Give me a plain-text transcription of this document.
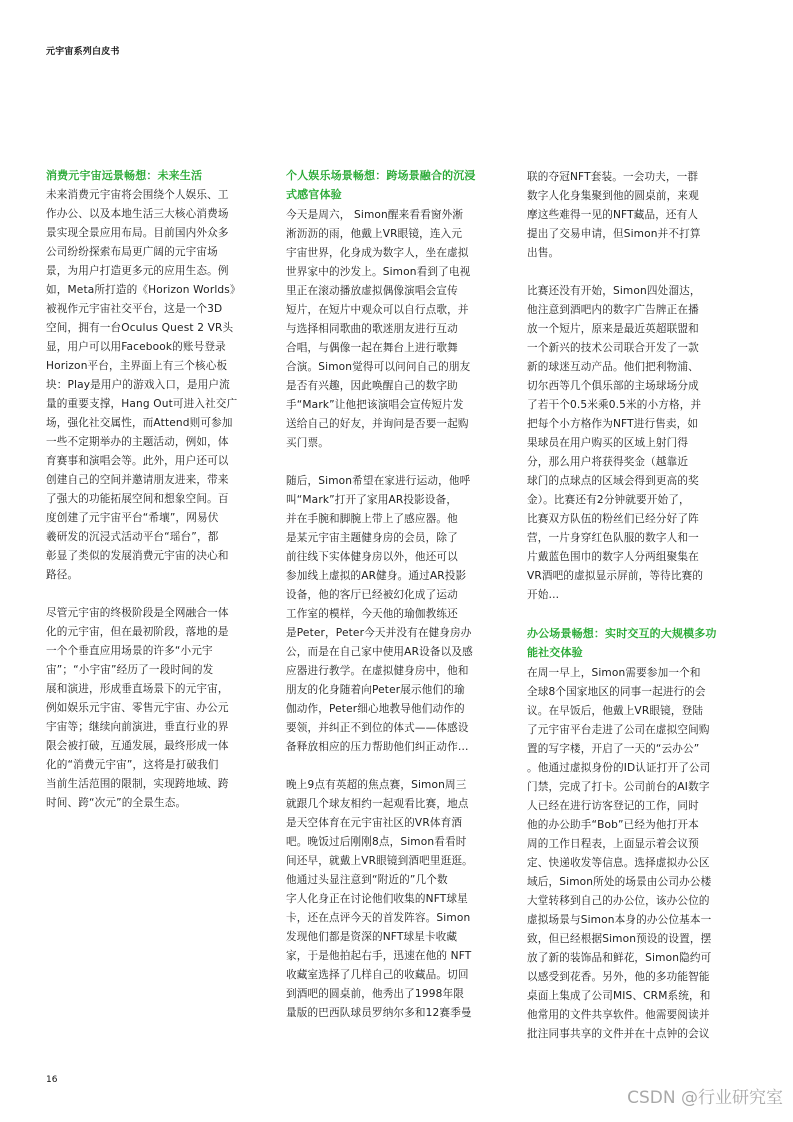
元宇宙系列白皮书
消费元宇宙远景畅想：未来生活
未来消费元宇宙将会围绕个人娱乐、工
作办公、以及本地生活三大核心消费场
景实现全景应用布局。目前国内外众多
公司纷纷探索布局更广阔的元宇宙场
景，为用户打造更多元的应用生态。例
如，Meta所打造的《Horizon Worlds》
被视作元宇宙社交平台，这是一个3D
空间，拥有一台Oculus Quest 2 VR头
显，用户可以用Facebook的账号登录
Horizon平台，主界面上有三个核心板
块：Play是用户的游戏入口，是用户流
量的重要支撑，Hang Out可进入社交广
场，强化社交属性，而Attend则可参加
一些不定期举办的主题活动，例如，体
育赛事和演唱会等。此外，用户还可以
创建自己的空间并邀请朋友进来，带来
了强大的功能拓展空间和想象空间。百
度创建了元宇宙平台“希壤”，网易伏
羲研发的沉浸式活动平台“瑶台”，都
彰显了类似的发展消费元宇宙的决心和
路径。
尽管元宇宙的终极阶段是全网融合一体
化的元宇宙，但在最初阶段，落地的是
一个个垂直应用场景的许多“小元宇
宙”；“小宇宙”经历了一段时间的发
展和演进，形成垂直场景下的元宇宙，
例如娱乐元宇宙、零售元宇宙、办公元
宇宙等；继续向前演进，垂直行业的界
限会被打破，互通发展，最终形成一体
化的“消费元宇宙”，这将是打破我们
当前生活范围的限制，实现跨地域、跨
时间、跨“次元”的全景生态。
个人娱乐场景畅想：跨场景融合的沉浸
式感官体验
今天是周六， Simon醒来看看窗外淅
淅沥沥的雨，他戴上VR眼镜，连入元
宇宙世界，化身成为数字人，坐在虚拟
世界家中的沙发上。Simon看到了电视
里正在滚动播放虚拟偶像演唱会宣传
短片，在短片中观众可以自行点歌，并
与选择相同歌曲的歌迷朋友进行互动
合唱，与偶像一起在舞台上进行歌舞
合演。Simon觉得可以问问自己的朋友
是否有兴趣，因此唤醒自己的数字助
手“Mark”让他把该演唱会宣传短片发
送给自己的好友，并询问是否要一起购
买门票。
随后，Simon希望在家进行运动，他呼
叫“Mark”打开了家用AR投影设备，
并在手腕和脚腕上带上了感应器。他
是某元宇宙主题健身房的会员，除了
前往线下实体健身房以外，他还可以
参加线上虚拟的AR健身。通过AR投影
设备，他的客厅已经被幻化成了运动
工作室的模样，今天他的瑜伽教练还
是Peter，Peter今天并没有在健身房办
公，而是在自己家中使用AR设备以及感
应器进行教学。在虚拟健身房中，他和
朋友的化身随着向Peter展示他们的瑜
伽动作，Peter细心地教导他们动作的
要领，并纠正不到位的体式——体感设
备释放相应的压力帮助他们纠正动作…
晚上9点有英超的焦点赛，Simon周三
就跟几个球友相约一起观看比赛，地点
是天空体育在元宇宙社区的VR体育酒
吧。晚饭过后刚刚8点，Simon看看时
间还早，就戴上VR眼镜到酒吧里逛逛。
他通过头显注意到“附近的”几个数
字人化身正在讨论他们收集的NFT球星
卡，还在点评今天的首发阵容。Simon
发现他们都是资深的NFT球星卡收藏
家，于是他拍起右手，迅速在他的 NFT
收藏室选择了几样自己的收藏品。切回
到酒吧的圆桌前，他秀出了1998年限
量版的巴西队球员罗纳尔多和12赛季曼
联的夺冠NFT套装。一会功夫，一群
数字人化身集聚到他的圆桌前，来观
摩这些难得一见的NFT藏品，还有人
提出了交易申请，但Simon并不打算
出售。
比赛还没有开始，Simon四处溜达，
他注意到酒吧内的数字广告牌正在播
放一个短片，原来是最近英超联盟和
一个新兴的技术公司联合开发了一款
新的球迷互动产品。他们把利物浦、
切尔西等几个俱乐部的主场球场分成
了若干个0.5米乘0.5米的小方格，并
把每个小方格作为NFT进行售卖，如
果球员在用户购买的区域上射门得
分，那么用户将获得奖金（越靠近
球门的点球点的区域会得到更高的奖
金）。比赛还有2分钟就要开始了，
比赛双方队伍的粉丝们已经分好了阵
营，一片身穿红色队服的数字人和一
片戴蓝色围巾的数字人分两组聚集在
VR酒吧的虚拟显示屏前，等待比赛的
开始…
办公场景畅想：实时交互的大规模多功
能社交体验
在周一早上，Simon需要参加一个和
全球8个国家地区的同事一起进行的会
议。在早饭后，他戴上VR眼镜，登陆
了元宇宙平台走进了公司在虚拟空间购
置的写字楼，开启了一天的“云办公”
。他通过虚拟身份的ID认证打开了公司
门禁，完成了打卡。公司前台的AI数字
人已经在进行访客登记的工作，同时
他的办公助手“Bob”已经为他打开本
周的工作日程表，上面显示着会议预
定、快递收发等信息。选择虚拟办公区
域后，Simon所处的场景由公司办公楼
大堂转移到自己的办公位，该办公位的
虚拟场景与Simon本身的办公位基本一
致，但已经根据Simon预设的设置，摆
放了新的装饰品和鲜花，Simon隐约可
以感受到花香。另外，他的多功能智能
桌面上集成了公司MIS、CRM系统，和
他常用的文件共享软件。他需要阅读并
批注同事共享的文件并在十点钟的会议
16
CSDN @行业研究室
